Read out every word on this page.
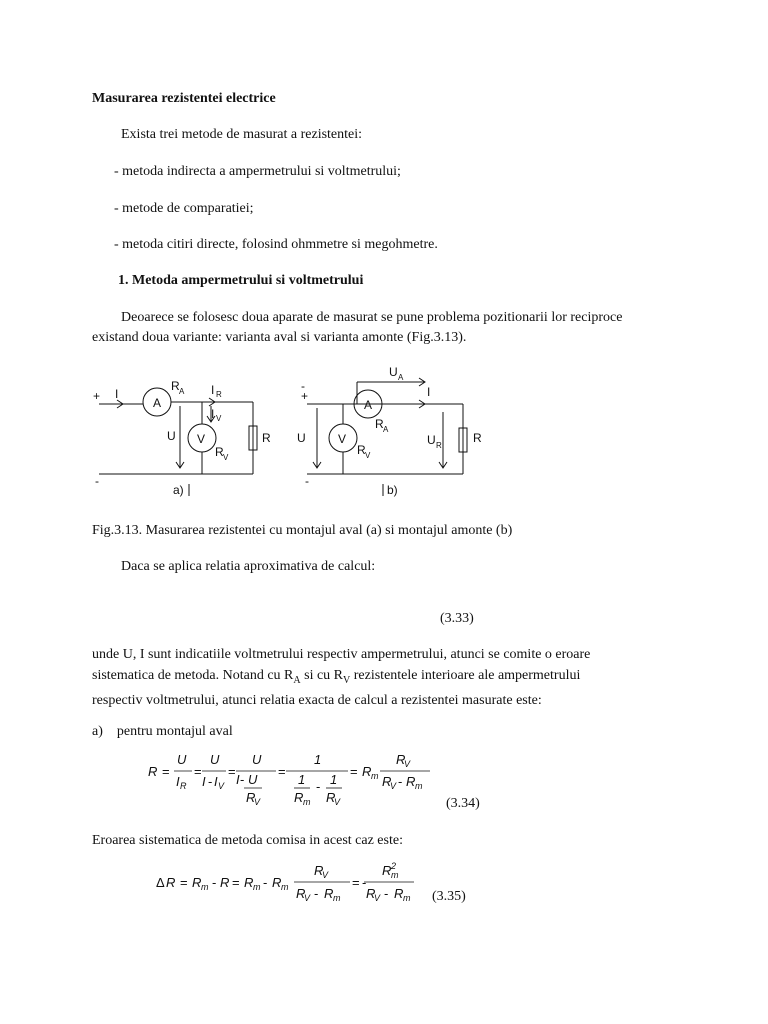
Masurarea rezistentei electrice
Exista trei metode de masurat a rezistentei:
- metoda indirecta a ampermetrului si voltmetrului;
- metode de comparatiei;
- metoda citiri directe, folosind ohmmetre si megohmetre.
1. Metoda ampermetrului si voltmetrului
Deoarece se folosesc doua aparate de masurat se pune problema pozitionarii lor reciproce
existand doua variante: varianta aval si varianta amonte (Fig.3.13).
+
-
I
A
R A I R
I V
V
U
R V
R
a)
+
-
-
U A
I
A
R A
V
U
R V
U R
R
b)
Fig.3.13. Masurarea rezistentei cu montajul aval (a) si montajul amonte (b)
Daca se aplica relatia aproximativa de calcul:
(3.33)
unde U, I sunt indicatiile voltmetrului respectiv ampermetrului, atunci se comite o eroare
sistematica de metoda. Notand cu $R_A$ si cu $R_V$ rezistentele interioare ale ampermetrului
respectiv voltmetrului, atunci relatia exacta de calcul a rezistentei masurate este:
a)    pentru montajul aval
R =
U
I R
=
U
I - I V
=
U
I - U
R
V
=
1
1
R m
- 1
R
V
= R m
R
V
R
V - R m
(3.34)
Eroarea sistematica de metoda comisa in acest caz este:
Δ R = R m - R = R m - R m
R
V
R
V - R m
= -
R 2
m
R
V - R m (3.35)
